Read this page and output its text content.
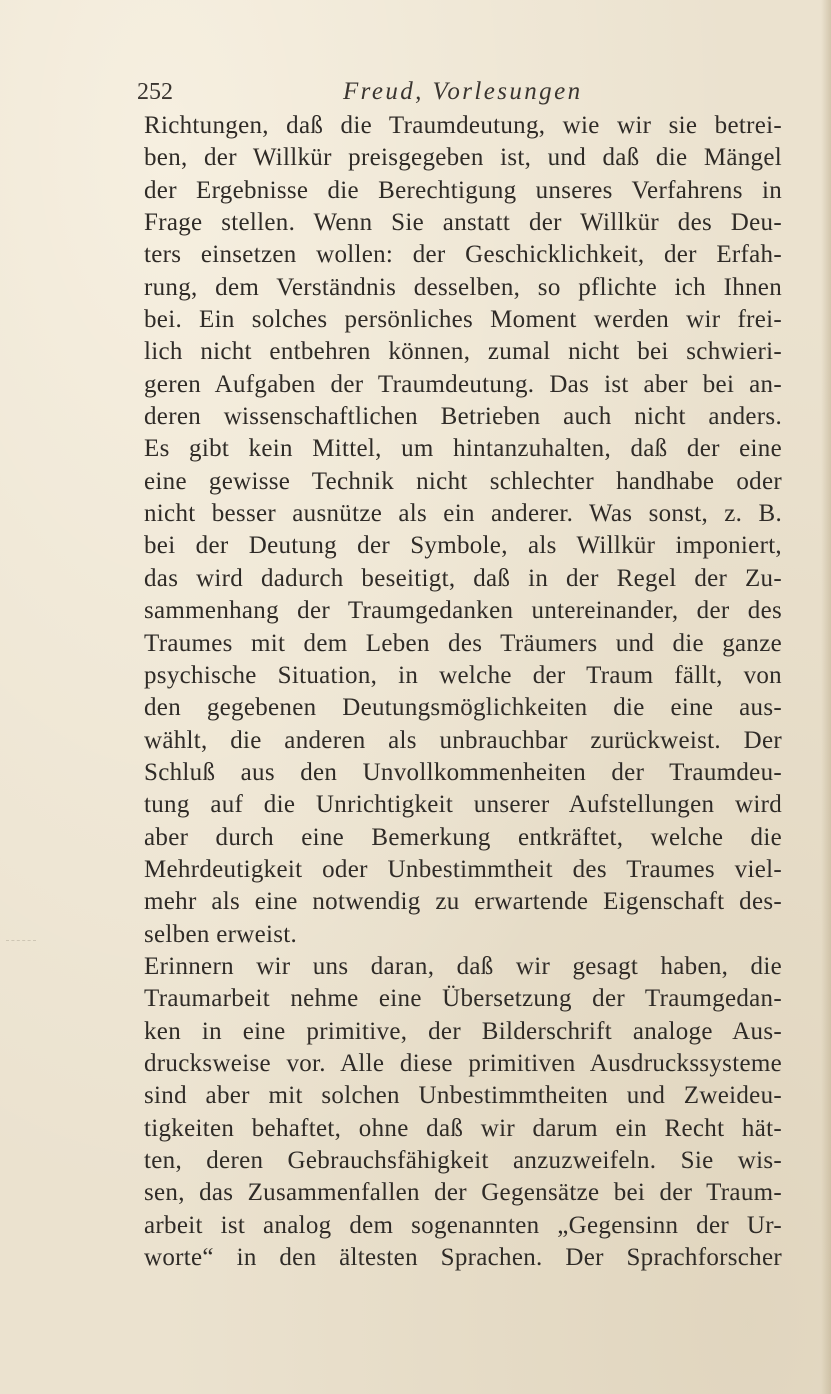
252	Freud, Vorlesungen
Richtungen, daß die Traumdeutung, wie wir sie betrei-
ben, der Willkür preisgegeben ist, und daß die Mängel
der Ergebnisse die Berechtigung unseres Verfahrens in
Frage stellen. Wenn Sie anstatt der Willkür des Deu-
ters einsetzen wollen: der Geschicklichkeit, der Erfah-
rung, dem Verständnis desselben, so pflichte ich Ihnen
bei. Ein solches persönliches Moment werden wir frei-
lich nicht entbehren können, zumal nicht bei schwieri-
geren Aufgaben der Traumdeutung. Das ist aber bei an-
deren wissenschaftlichen Betrieben auch nicht anders.
Es gibt kein Mittel, um hintanzuhalten, daß der eine
eine gewisse Technik nicht schlechter handhabe oder
nicht besser ausnütze als ein anderer. Was sonst, z. B.
bei der Deutung der Symbole, als Willkür imponiert,
das wird dadurch beseitigt, daß in der Regel der Zu-
sammenhang der Traumgedanken untereinander, der des
Traumes mit dem Leben des Träumers und die ganze
psychische Situation, in welche der Traum fällt, von
den gegebenen Deutungsmöglichkeiten die eine aus-
wählt, die anderen als unbrauchbar zurückweist. Der
Schluß aus den Unvollkommenheiten der Traumdeu-
tung auf die Unrichtigkeit unserer Aufstellungen wird
aber durch eine Bemerkung entkräftet, welche die
Mehrdeutigkeit oder Unbestimmtheit des Traumes viel-
mehr als eine notwendig zu erwartende Eigenschaft des-
selben erweist.
Erinnern wir uns daran, daß wir gesagt haben, die
Traumarbeit nehme eine Übersetzung der Traumgedan-
ken in eine primitive, der Bilderschrift analoge Aus-
drucksweise vor. Alle diese primitiven Ausdruckssysteme
sind aber mit solchen Unbestimmtheiten und Zweideu-
tigkeiten behaftet, ohne daß wir darum ein Recht hät-
ten, deren Gebrauchsfähigkeit anzuzweifeln. Sie wis-
sen, das Zusammenfallen der Gegensätze bei der Traum-
arbeit ist analog dem sogenannten „Gegensinn der Ur-
worte“ in den ältesten Sprachen. Der Sprachforscher
